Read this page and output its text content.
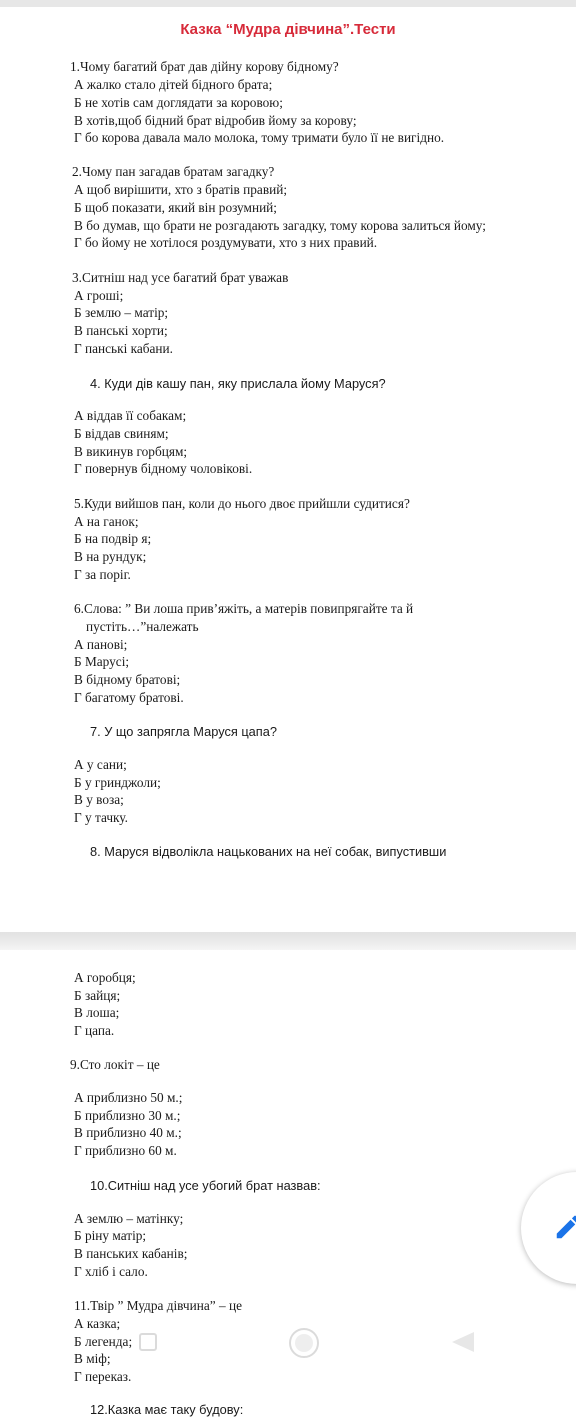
Казка “Мудра дівчина”.Тести

1.Чому багатий брат дав дійну корову бідному?

А жалко стало дітей бідного брата;

Б не хотів сам доглядати за коровою;

В хотів,щоб бідний брат відробив йому за корову;

Г бо корова давала мало молока, тому тримати було її не вигідно.

2.Чому пан загадав братам загадку?

А щоб вирішити, хто з братів правий;

Б щоб показати, який він розумний;

В бо думав, що брати не розгадають загадку, тому корова залиться йому;

Г бо йому не хотілося роздумувати, хто з них правий.

3.Ситніш над усе багатий брат уважав

А гроші;

Б землю – матір;

В панські хорти;

Г панські кабани.

4. Куди дів кашу пан, яку прислала йому Маруся?

А віддав її собакам;

Б віддав свиням;

В викинув горбцям;

Г повернув бідному чоловікові.

5.Куди вийшов пан, коли до нього двоє прийшли судитися?

А на ганок;

Б на подвір я;

В на рундук;

Г за поріг.

6.Слова: ” Ви лоша прив’яжіть, а матерів повипрягайте та й

пустіть…”належать

А панові;

Б Марусі;

В бідному братові;

Г багатому братові.

7. У що запрягла Маруся цапа?

А у сани;

Б у гринджоли;

В у воза;

Г у тачку.

8. Маруся відволікла нацькованих на неї собак, випустивши

А горобця;

Б зайця;

В лоша;

Г цапа.

9.Сто локіт – це

А приблизно 50 м.;

Б приблизно 30 м.;

В приблизно 40 м.;

Г приблизно 60 м.

10.Ситніш над усе убогий брат назвав:

А землю – матінку;

Б ріну матір;

В панських кабанів;

Г хліб і сало.

11.Твір ” Мудра дівчина” – це

А казка;

Б легенда;

В міф;

Г переказ.

12.Казка має таку будову:
